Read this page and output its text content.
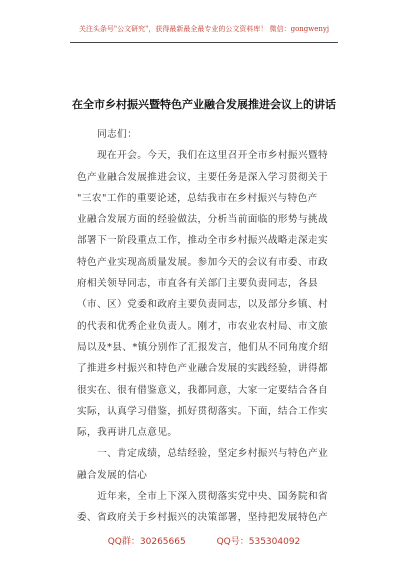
关注头条号"公文研究"，获得最新最全最专业的公文资料库！ 微信：gongwenyj
在全市乡村振兴暨特色产业融合发展推进会议上的讲话
　　同志们：
　　现在开会。今天，我们在这里召开全市乡村振兴暨特
色产业融合发展推进会议，主要任务是深入学习贯彻关于
"三农"工作的重要论述，总结我市在乡村振兴与特色产
业融合发展方面的经验做法，分析当前面临的形势与挑战
部署下一阶段重点工作，推动全市乡村振兴战略走深走实
特色产业实现高质量发展。参加今天的会议有市委、市政
府相关领导同志，市直各有关部门主要负责同志，各县
（市、区）党委和政府主要负责同志，以及部分乡镇、村
的代表和优秀企业负责人。刚才，市农业农村局、市文旅
局以及*县、*镇分别作了汇报发言，他们从不同角度介绍
了推进乡村振兴和特色产业融合发展的实践经验，讲得都
很实在、很有借鉴意义，我都同意，大家一定要结合各自
实际，认真学习借鉴，抓好贯彻落实。下面，结合工作实
际，我再讲几点意见。
　　一、肯定成绩，总结经验，坚定乡村振兴与特色产业
融合发展的信心
　　近年来，全市上下深入贯彻落实党中央、国务院和省
委、省政府关于乡村振兴的决策部署，坚持把发展特色产
QQ群：30265665	QQ号：535304092
